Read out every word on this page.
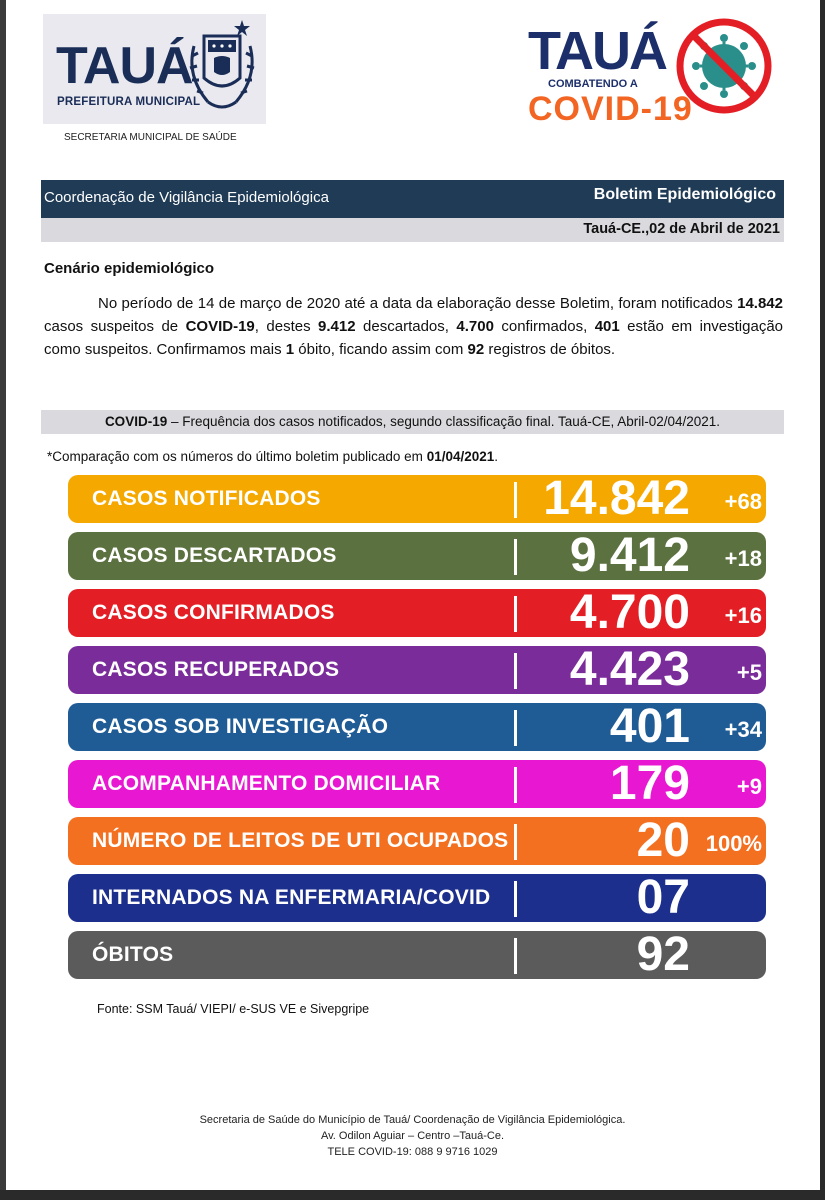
TAUÁ
PREFEITURA MUNICIPAL
SECRETARIA MUNICIPAL DE SAÚDE
TAUÁ
COMBATENDO A
COVID-19
Coordenação de Vigilância Epidemiológica	Boletim Epidemiológico
Tauá-CE.,02 de Abril de 2021
Cenário epidemiológico
No período de 14 de março de 2020 até a data da elaboração desse Boletim, foram notificados 14.842 casos suspeitos de COVID-19, destes 9.412 descartados, 4.700 confirmados, 401 estão em investigação como suspeitos. Confirmamos mais 1 óbito, ficando assim com 92 registros de óbitos.
COVID-19 – Frequência dos casos notificados, segundo classificação final. Tauá-CE, Abril-02/04/2021.
*Comparação com os números do último boletim publicado em 01/04/2021.
CASOS NOTIFICADOS	14.842 +68
CASOS DESCARTADOS	9.412 +18
CASOS CONFIRMADOS	4.700 +16
CASOS RECUPERADOS	4.423 +5
CASOS SOB INVESTIGAÇÃO	401 +34
ACOMPANHAMENTO DOMICILIAR	179 +9
NÚMERO DE LEITOS DE UTI OCUPADOS	20 100%
INTERNADOS NA ENFERMARIA/COVID	07
ÓBITOS	92
Fonte: SSM Tauá/ VIEPI/ e-SUS VE e Sivepgripe
Secretaria de Saúde do Município de Tauá/ Coordenação de Vigilância Epidemiológica.
Av. Odilon Aguiar – Centro –Tauá-Ce.
TELE COVID-19: 088 9 9716 1029
